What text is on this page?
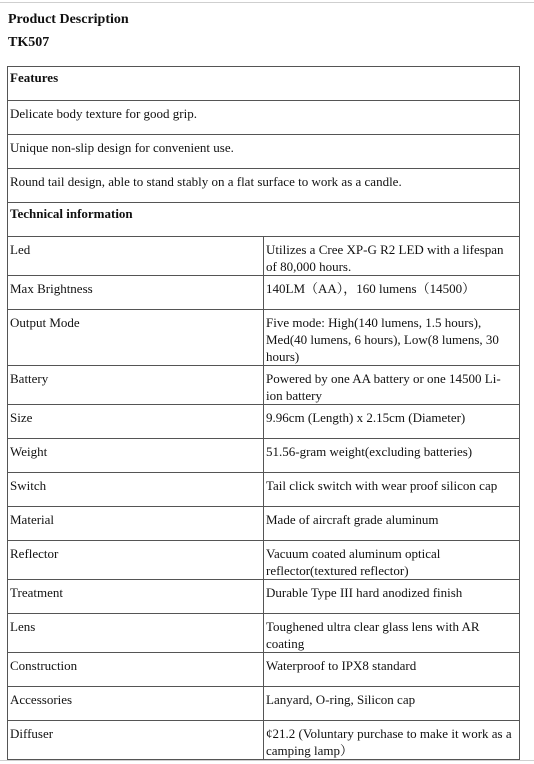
Product Description
TK507
Features	
Delicate body texture for good grip.	
Unique non-slip design for convenient use.	
Round tail design, able to stand stably on a flat surface to work as a candle.	
Technical information	
Led	Utilizes a Cree XP-G R2 LED with a lifespan of 80,000 hours.
Max Brightness	140LM（AA），160 lumens（14500）
Output Mode	Five mode: High(140 lumens, 1.5 hours), Med(40 lumens, 6 hours), Low(8 lumens, 30 hours)
Battery	Powered by one AA battery or one 14500 Li-ion battery
Size	9.96cm (Length) x 2.15cm (Diameter)
Weight	51.56-gram weight(excluding batteries)
Switch	Tail click switch with wear proof silicon cap
Material	Made of aircraft grade aluminum
Reflector	Vacuum coated aluminum optical reflector(textured reflector)
Treatment	Durable Type III hard anodized finish
Lens	Toughened ultra clear glass lens with AR coating
Construction	Waterproof to IPX8 standard
Accessories	Lanyard, O-ring, Silicon cap
Diffuser	¢21.2 (Voluntary purchase to make it work as a camping lamp）
